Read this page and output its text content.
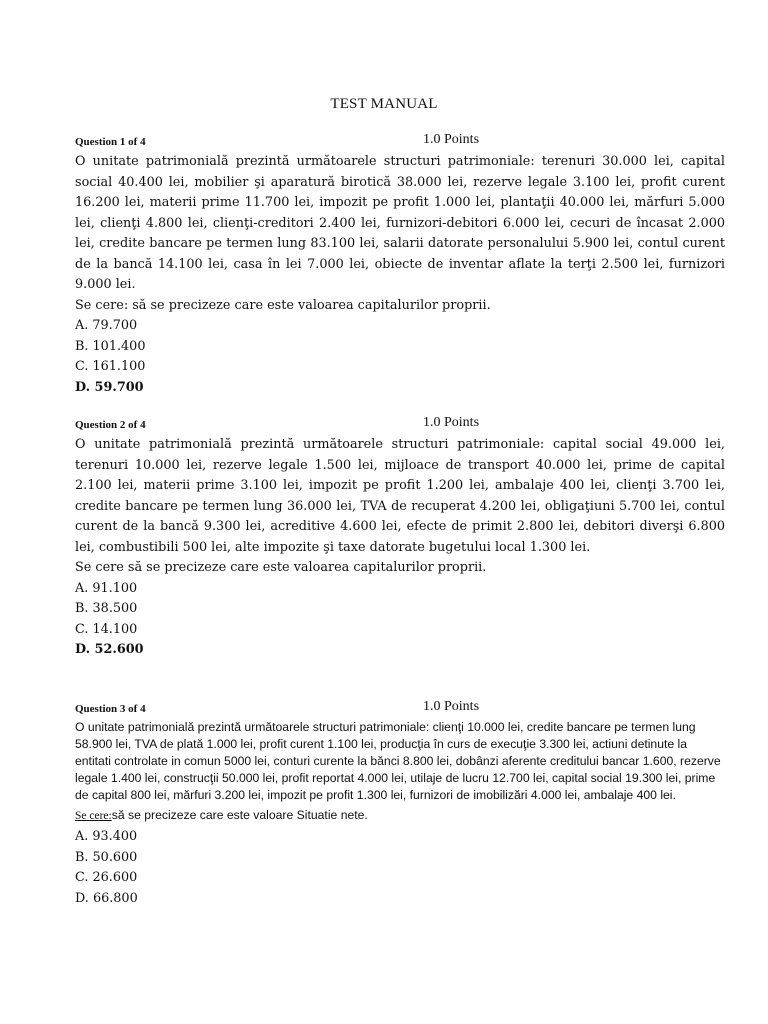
TEST MANUAL
Question 1 of 4	1.0 Points

O unitate patrimonială prezintă următoarele structuri patrimoniale: terenuri 30.000 lei, capital social 40.400 lei, mobilier şi aparatură birotică 38.000 lei, rezerve legale 3.100 lei, profit curent 16.200 lei, materii prime 11.700 lei, impozit pe profit 1.000 lei, plantaţii 40.000 lei, mărfuri 5.000 lei, clienţi 4.800 lei, clienţi-creditori 2.400 lei, furnizori-debitori 6.000 lei, cecuri de încasat 2.000 lei, credite bancare pe termen lung 83.100 lei, salarii datorate personalului 5.900 lei, contul curent de la bancă 14.100 lei, casa în lei 7.000 lei, obiecte de inventar aflate la terţi 2.500 lei, furnizori 9.000 lei.

Se cere: să se precizeze care este valoarea capitalurilor proprii.

A. 79.700
B. 101.400
C. 161.100
D. 59.700
Question 2 of 4	1.0 Points

O unitate patrimonială prezintă următoarele structuri patrimoniale: capital social 49.000 lei, terenuri 10.000 lei, rezerve legale 1.500 lei, mijloace de transport 40.000 lei, prime de capital 2.100 lei, materii prime 3.100 lei, impozit pe profit 1.200 lei, ambalaje 400 lei, clienţi 3.700 lei, credite bancare pe termen lung 36.000 lei, TVA de recuperat 4.200 lei, obligaţiuni 5.700 lei, contul curent de la bancă 9.300 lei, acreditive 4.600 lei, efecte de primit 2.800 lei, debitori diverşi 6.800 lei, combustibili 500 lei, alte impozite şi taxe datorate bugetului local 1.300 lei.

Se cere să se precizeze care este valoarea capitalurilor proprii.

A. 91.100
B. 38.500
C. 14.100
D. 52.600
Question 3 of 4	1.0 Points

O unitate patrimonială prezintă următoarele structuri patrimoniale: clienţi 10.000 lei, credite bancare pe termen lung 58.900 lei, TVA de plată 1.000 lei, profit curent 1.100 lei, producţia în curs de execuţie 3.300 lei, actiuni detinute la entitati controlate in comun 5000 lei, conturi curente la bănci 8.800 lei, dobânzi aferente creditului bancar 1.600, rezerve legale 1.400 lei, construcţii 50.000 lei, profit reportat 4.000 lei, utilaje de lucru 12.700 lei, capital social 19.300 lei, prime de capital 800 lei, mărfuri 3.200 lei, impozit pe profit 1.300 lei, furnizori de imobilizări 4.000 lei, ambalaje 400 lei.

Se cere:să se precizeze care este valoare Situatie nete.

A. 93.400
B. 50.600
C. 26.600
D. 66.800
